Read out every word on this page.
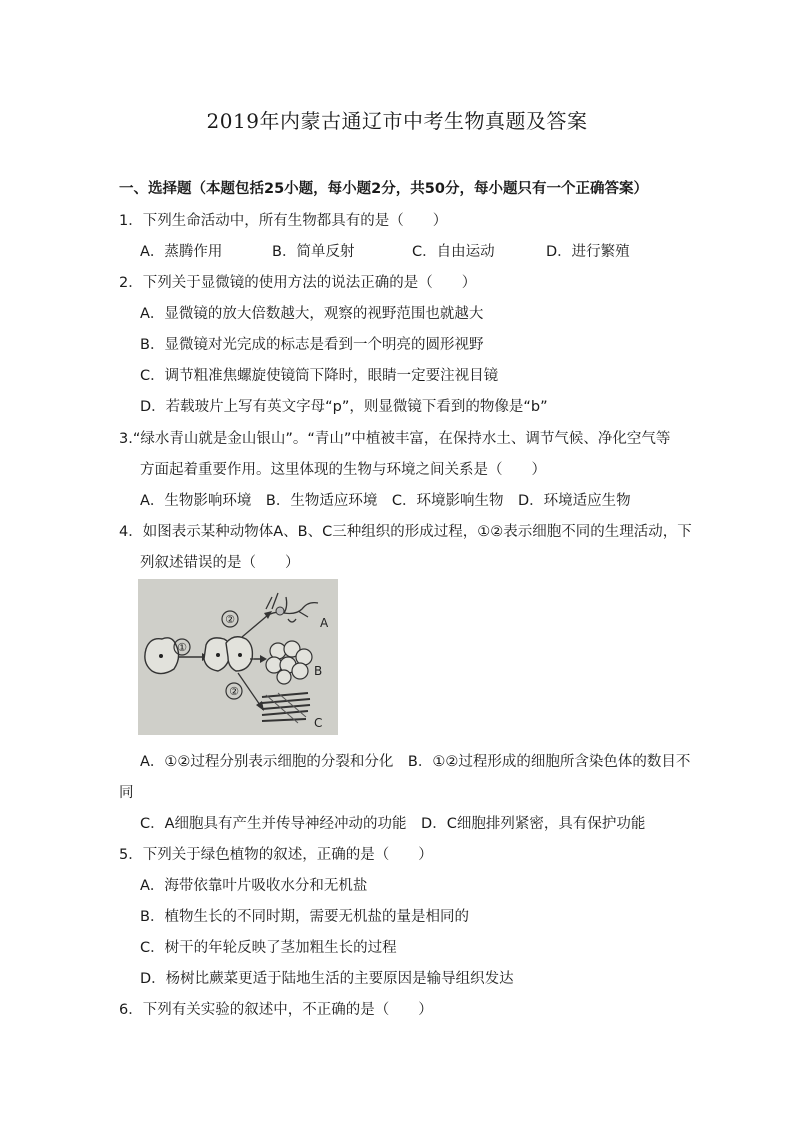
2019年内蒙古通辽市中考生物真题及答案
一、选择题（本题包括25小题，每小题2分，共50分，每小题只有一个正确答案）
1．下列生命活动中，所有生物都具有的是（　　）
A．蒸腾作用	B．简单反射	C．自由运动	D．进行繁殖
2．下列关于显微镜的使用方法的说法正确的是（　　）
A．显微镜的放大倍数越大，观察的视野范围也就越大
B．显微镜对光完成的标志是看到一个明亮的圆形视野
C．调节粗准焦螺旋使镜筒下降时，眼睛一定要注视目镜
D．若载玻片上写有英文字母“p”，则显微镜下看到的物像是“b”
3.“绿水青山就是金山银山”。“青山”中植被丰富，在保持水土、调节气候、净化空气等
方面起着重要作用。这里体现的生物与环境之间关系是（　　）
A．生物影响环境　B．生物适应环境　C．环境影响生物　D．环境适应生物
4．如图表示某种动物体A、B、C三种组织的形成过程，①②表示细胞不同的生理活动，下
列叙述错误的是（　　）
①
②	A
B
②
C
A．①②过程分别表示细胞的分裂和分化　B．①②过程形成的细胞所含染色体的数目不
同
C．A细胞具有产生并传导神经冲动的功能　D．C细胞排列紧密，具有保护功能
5．下列关于绿色植物的叙述，正确的是（　　）
A．海带依靠叶片吸收水分和无机盐
B．植物生长的不同时期，需要无机盐的量是相同的
C．树干的年轮反映了茎加粗生长的过程
D．杨树比蕨菜更适于陆地生活的主要原因是输导组织发达
6．下列有关实验的叙述中，不正确的是（　　）
